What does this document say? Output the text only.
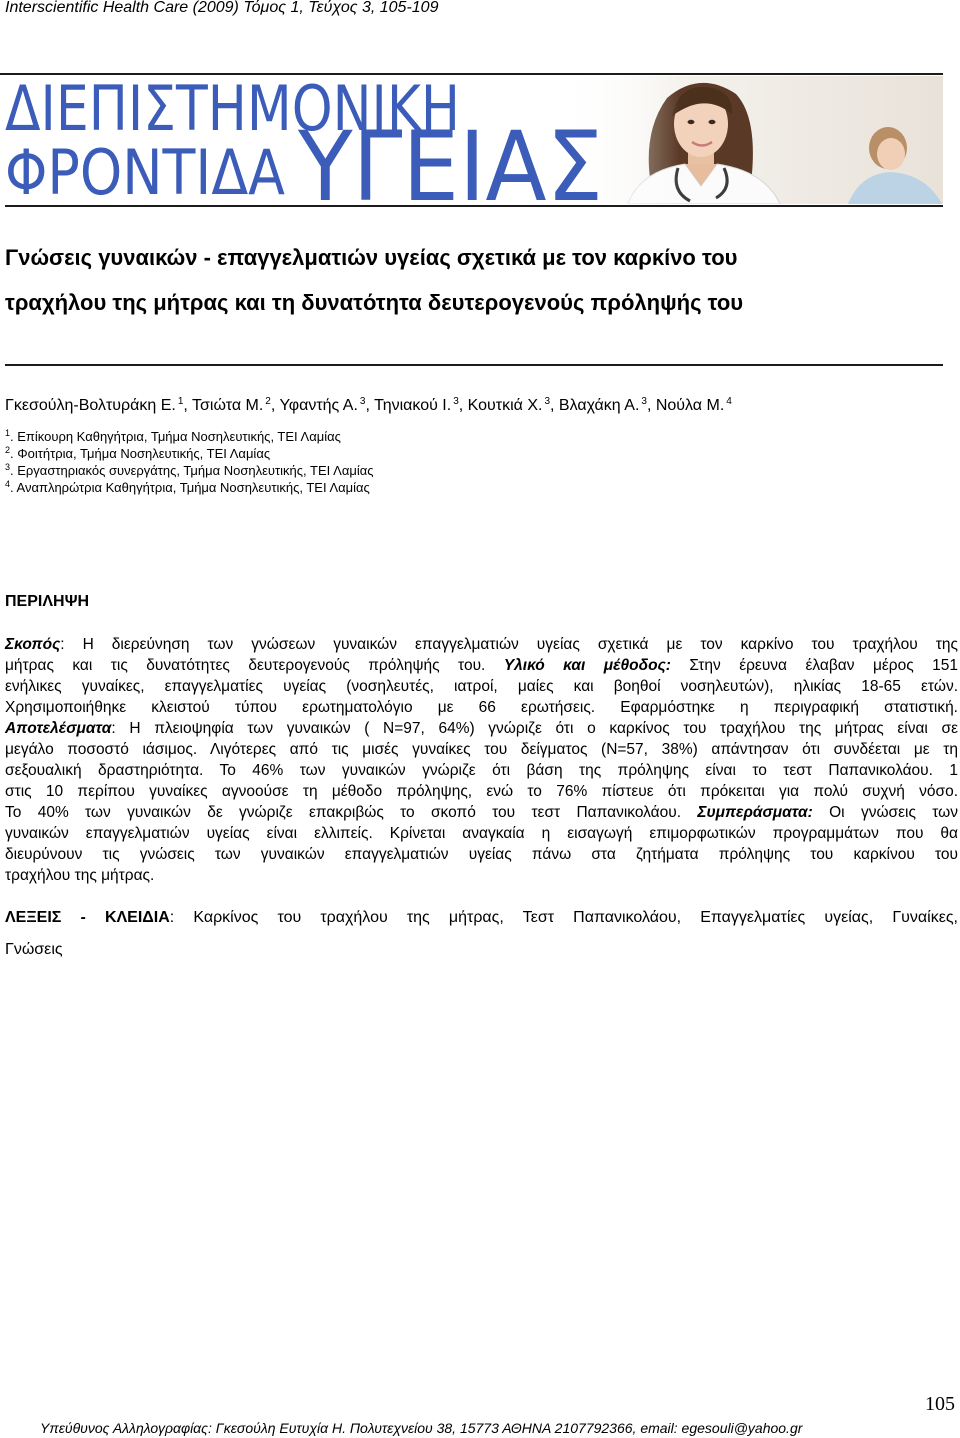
Interscientific Health Care (2009) Τόμος 1, Τεύχος 3, 105-109
ΔΙΕΠΙΣΤΗΜΟΝΙΚΗ
ΦΡΟΝΤΙΔΑ ΥΓΕΙΑΣ
Γνώσεις γυναικών - επαγγελματιών υγείας σχετικά με τον καρκίνο του
τραχήλου της μήτρας και τη δυνατότητα δευτερογενούς πρόληψής του
Γκεσούλη-Βολτυράκη Ε. $^1$, Τσιώτα Μ. $^2$, Υφαντής Α. $^3$, Τηνιακού Ι. $^3$, Κουτκιά Χ. $^3$, Βλαχάκη Α. $^3$, Νούλα Μ. $^4$
$^1$. Επίκουρη Καθηγήτρια, Τμήμα Νοσηλευτικής, ΤΕΙ Λαμίας
$^2$. Φοιτήτρια, Τμήμα Νοσηλευτικής, ΤΕΙ Λαμίας
$^3$. Εργαστηριακός συνεργάτης, Τμήμα Νοσηλευτικής, ΤΕΙ Λαμίας
$^4$. Αναπληρώτρια Καθηγήτρια, Τμήμα Νοσηλευτικής, ΤΕΙ Λαμίας
ΠΕΡΙΛΗΨΗ
Σκοπός: Η διερεύνηση των γνώσεων γυναικών επαγγελματιών υγείας σχετικά με τον καρκίνο του τραχήλου της
μήτρας και τις δυνατότητες δευτερογενούς πρόληψής του. Υλικό και μέθοδος: Στην έρευνα έλαβαν μέρος 151
ενήλικες γυναίκες, επαγγελματίες υγείας (νοσηλευτές, ιατροί, μαίες και βοηθοί νοσηλευτών), ηλικίας 18-65 ετών.
Χρησιμοποιήθηκε κλειστού τύπου ερωτηματολόγιο με 66 ερωτήσεις. Εφαρμόστηκε η περιγραφική στατιστική.
Αποτελέσματα: Η πλειοψηφία των γυναικών ( Ν=97, 64%) γνώριζε ότι ο καρκίνος του τραχήλου της μήτρας είναι σε
μεγάλο ποσοστό ιάσιμος. Λιγότερες από τις μισές γυναίκες του δείγματος (Ν=57, 38%) απάντησαν ότι συνδέεται με τη
σεξουαλική δραστηριότητα. Το 46% των γυναικών γνώριζε ότι βάση της πρόληψης είναι το τεστ Παπανικολάου. 1
στις 10 περίπου γυναίκες αγνοούσε τη μέθοδο πρόληψης, ενώ το 76% πίστευε ότι πρόκειται για πολύ συχνή νόσο.
Το 40% των γυναικών δε γνώριζε επακριβώς το σκοπό του τεστ Παπανικολάου. Συμπεράσματα: Οι γνώσεις των
γυναικών επαγγελματιών υγείας είναι ελλιπείς. Κρίνεται αναγκαία η εισαγωγή επιμορφωτικών προγραμμάτων που θα
διευρύνουν τις γνώσεις των γυναικών επαγγελματιών υγείας πάνω στα ζητήματα πρόληψης του καρκίνου του
τραχήλου της μήτρας.
ΛΕΞΕΙΣ - ΚΛΕΙΔΙΑ: Καρκίνος του τραχήλου της μήτρας, Τεστ Παπανικολάου, Επαγγελματίες υγείας, Γυναίκες,
Γνώσεις
105
Υπεύθυνος Αλληλογραφίας: Γκεσούλη Ευτυχία Η. Πολυτεχνείου 38, 15773 ΑΘΗΝΑ 2107792366, email: egesouli@yahoo.gr
